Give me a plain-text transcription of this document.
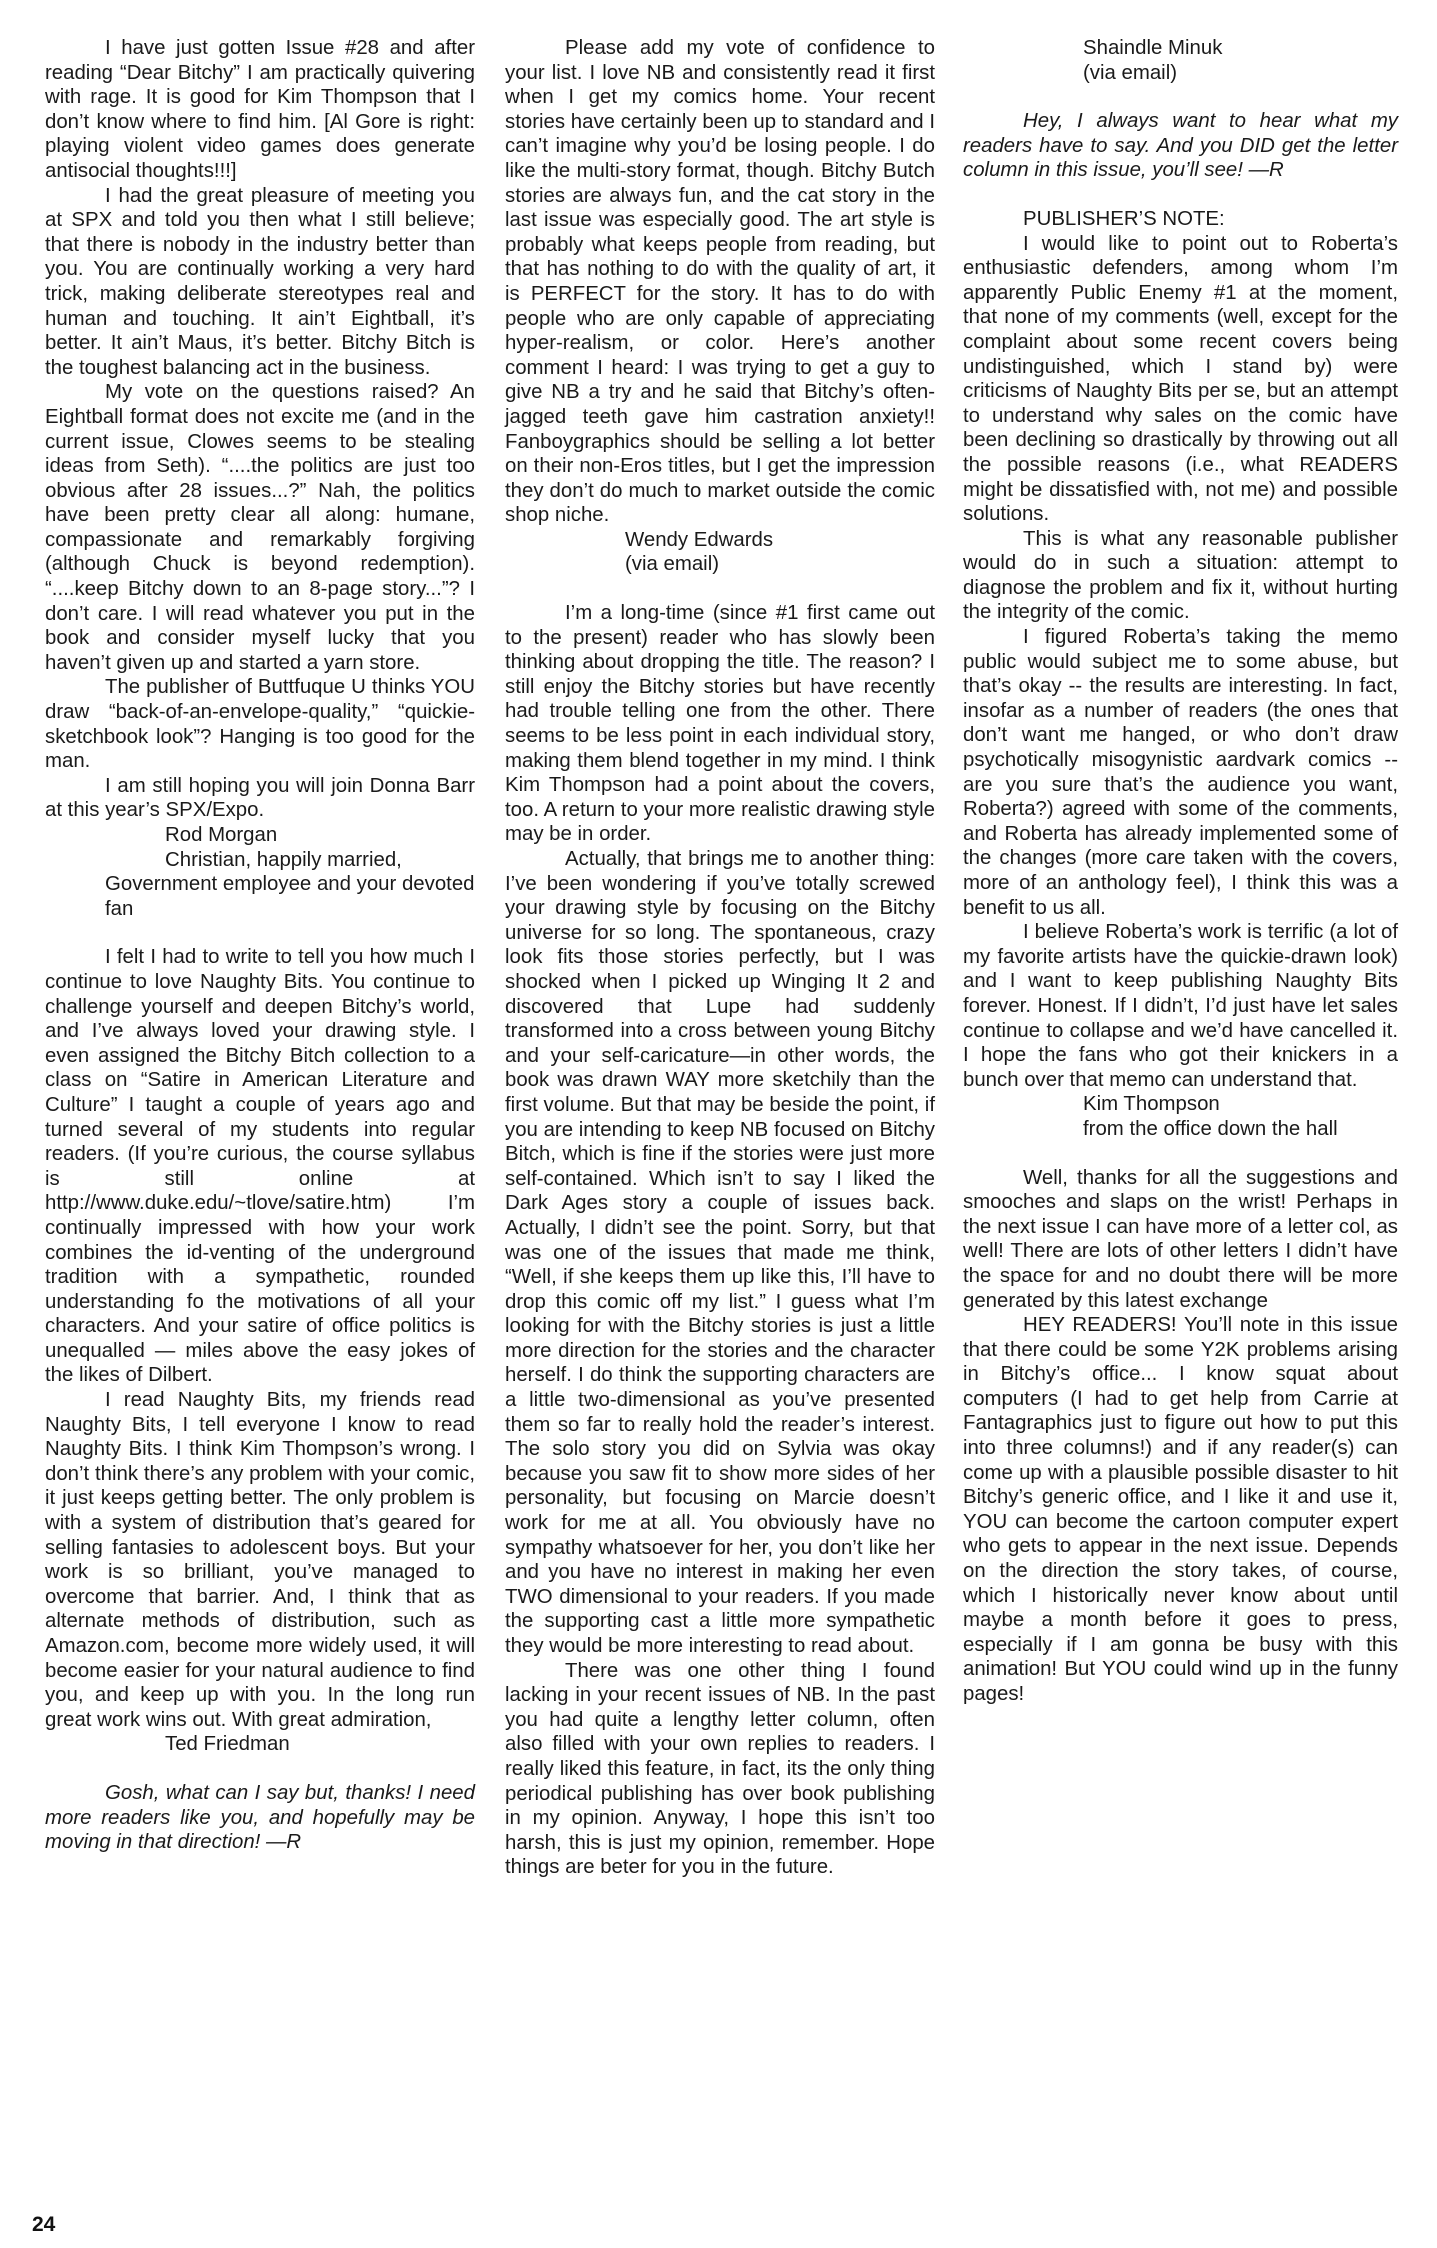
I have just gotten Issue #28 and after reading “Dear Bitchy” I am practically quivering with rage. It is good for Kim Thompson that I don’t know where to find him. [Al Gore is right: playing violent video games does generate antisocial thoughts!!!]

I had the great pleasure of meeting you at SPX and told you then what I still believe; that there is nobody in the industry better than you. You are continually working a very hard trick, making deliberate stereotypes real and human and touching. It ain’t Eightball, it’s better. It ain’t Maus, it’s better. Bitchy Bitch is the toughest balancing act in the business.

My vote on the questions raised? An Eightball format does not excite me (and in the current issue, Clowes seems to be stealing ideas from Seth). “....the politics are just too obvious after 28 issues...?” Nah, the politics have been pretty clear all along: humane, compassionate and remarkably forgiving (although Chuck is beyond redemption). “....keep Bitchy down to an 8-page story...”? I don’t care. I will read whatever you put in the book and consider myself lucky that you haven’t given up and started a yarn store.

The publisher of Buttfuque U thinks YOU draw “back-of-an-envelope-quality,” “quickie-sketchbook look”? Hanging is too good for the man.

I am still hoping you will join Donna Barr at this year’s SPX/Expo.

Rod Morgan

Christian, happily married, Government employee and your devoted fan

I felt I had to write to tell you how much I continue to love Naughty Bits. You continue to challenge yourself and deepen Bitchy’s world, and I’ve always loved your drawing style. I even assigned the Bitchy Bitch collection to a class on “Satire in American Literature and Culture” I taught a couple of years ago and turned several of my students into regular readers. (If you’re curious, the course syllabus is still online at http://www.duke.edu/~tlove/satire.htm) I’m continually impressed with how your work combines the id-venting of the underground tradition with a sympathetic, rounded understanding fo the motivations of all your characters. And your satire of office politics is unequalled — miles above the easy jokes of the likes of Dilbert.

I read Naughty Bits, my friends read Naughty Bits, I tell everyone I know to read Naughty Bits. I think Kim Thompson’s wrong. I don’t think there’s any problem with your comic, it just keeps getting better. The only problem is with a system of distribution that’s geared for selling fantasies to adolescent boys. But your work is so brilliant, you’ve managed to overcome that barrier. And, I think that as alternate methods of distribution, such as Amazon.com, become more widely used, it will become easier for your natural audience to find you, and keep up with you. In the long run great work wins out. With great admiration,

Ted Friedman

Gosh, what can I say but, thanks! I need more readers like you, and hopefully may be moving in that direction! —R

Please add my vote of confidence to your list. I love NB and consistently read it first when I get my comics home. Your recent stories have certainly been up to standard and I can’t imagine why you’d be losing people. I do like the multi-story format, though. Bitchy Butch stories are always fun, and the cat story in the last issue was especially good. The art style is probably what keeps people from reading, but that has nothing to do with the quality of art, it is PERFECT for the story. It has to do with people who are only capable of appreciating hyper-realism, or color. Here’s another comment I heard: I was trying to get a guy to give NB a try and he said that Bitchy’s often-jagged teeth gave him castration anxiety!! Fanboygraphics should be selling a lot better on their non-Eros titles, but I get the impression they don’t do much to market outside the comic shop niche.

Wendy Edwards

(via email)

I’m a long-time (since #1 first came out to the present) reader who has slowly been thinking about dropping the title. The reason? I still enjoy the Bitchy stories but have recently had trouble telling one from the other. There seems to be less point in each individual story, making them blend together in my mind. I think Kim Thompson had a point about the covers, too. A return to your more realistic drawing style may be in order.

Actually, that brings me to another thing: I’ve been wondering if you’ve totally screwed your drawing style by focusing on the Bitchy universe for so long. The spontaneous, crazy look fits those stories perfectly, but I was shocked when I picked up Winging It 2 and discovered that Lupe had suddenly transformed into a cross between young Bitchy and your self-caricature—in other words, the book was drawn WAY more sketchily than the first volume. But that may be beside the point, if you are intending to keep NB focused on Bitchy Bitch, which is fine if the stories were just more self-contained. Which isn’t to say I liked the Dark Ages story a couple of issues back. Actually, I didn’t see the point. Sorry, but that was one of the issues that made me think, “Well, if she keeps them up like this, I’ll have to drop this comic off my list.” I guess what I’m looking for with the Bitchy stories is just a little more direction for the stories and the character herself. I do think the supporting characters are a little two-dimensional as you’ve presented them so far to really hold the reader’s interest. The solo story you did on Sylvia was okay because you saw fit to show more sides of her personality, but focusing on Marcie doesn’t work for me at all. You obviously have no sympathy whatsoever for her, you don’t like her and you have no interest in making her even TWO dimensional to your readers. If you made the supporting cast a little more sympathetic they would be more interesting to read about.

There was one other thing I found lacking in your recent issues of NB. In the past you had quite a lengthy letter column, often also filled with your own replies to readers. I really liked this feature, in fact, its the only thing periodical publishing has over book publishing in my opinion. Anyway, I hope this isn’t too harsh, this is just my opinion, remember. Hope things are beter for you in the future.

Shaindle Minuk

(via email)

Hey, I always want to hear what my readers have to say. And you DID get the letter column in this issue, you’ll see! —R

PUBLISHER’S NOTE:

I would like to point out to Roberta’s enthusiastic defenders, among whom I’m apparently Public Enemy #1 at the moment, that none of my comments (well, except for the complaint about some recent covers being undistinguished, which I stand by) were criticisms of Naughty Bits per se, but an attempt to understand why sales on the comic have been declining so drastically by throwing out all the possible reasons (i.e., what READERS might be dissatisfied with, not me) and possible solutions.

This is what any reasonable publisher would do in such a situation: attempt to diagnose the problem and fix it, without hurting the integrity of the comic.

I figured Roberta’s taking the memo public would subject me to some abuse, but that’s okay -- the results are interesting. In fact, insofar as a number of readers (the ones that don’t want me hanged, or who don’t draw psychotically misogynistic aardvark comics -- are you sure that’s the audience you want, Roberta?) agreed with some of the comments, and Roberta has already implemented some of the changes (more care taken with the covers, more of an anthology feel), I think this was a benefit to us all.

I believe Roberta’s work is terrific (a lot of my favorite artists have the quickie-drawn look) and I want to keep publishing Naughty Bits forever. Honest. If I didn’t, I’d just have let sales continue to collapse and we’d have cancelled it. I hope the fans who got their knickers in a bunch over that memo can understand that.

Kim Thompson

from the office down the hall

Well, thanks for all the suggestions and smooches and slaps on the wrist! Perhaps in the next issue I can have more of a letter col, as well! There are lots of other letters I didn’t have the space for and no doubt there will be more generated by this latest exchange

HEY READERS! You’ll note in this issue that there could be some Y2K problems arising in Bitchy’s office... I know squat about computers (I had to get help from Carrie at Fantagraphics just to figure out how to put this into three columns!) and if any reader(s) can come up with a plausible possible disaster to hit Bitchy’s generic office, and I like it and use it, YOU can become the cartoon computer expert who gets to appear in the next issue. Depends on the direction the story takes, of course, which I historically never know about until maybe a month before it goes to press, especially if I am gonna be busy with this animation! But YOU could wind up in the funny pages!

24
